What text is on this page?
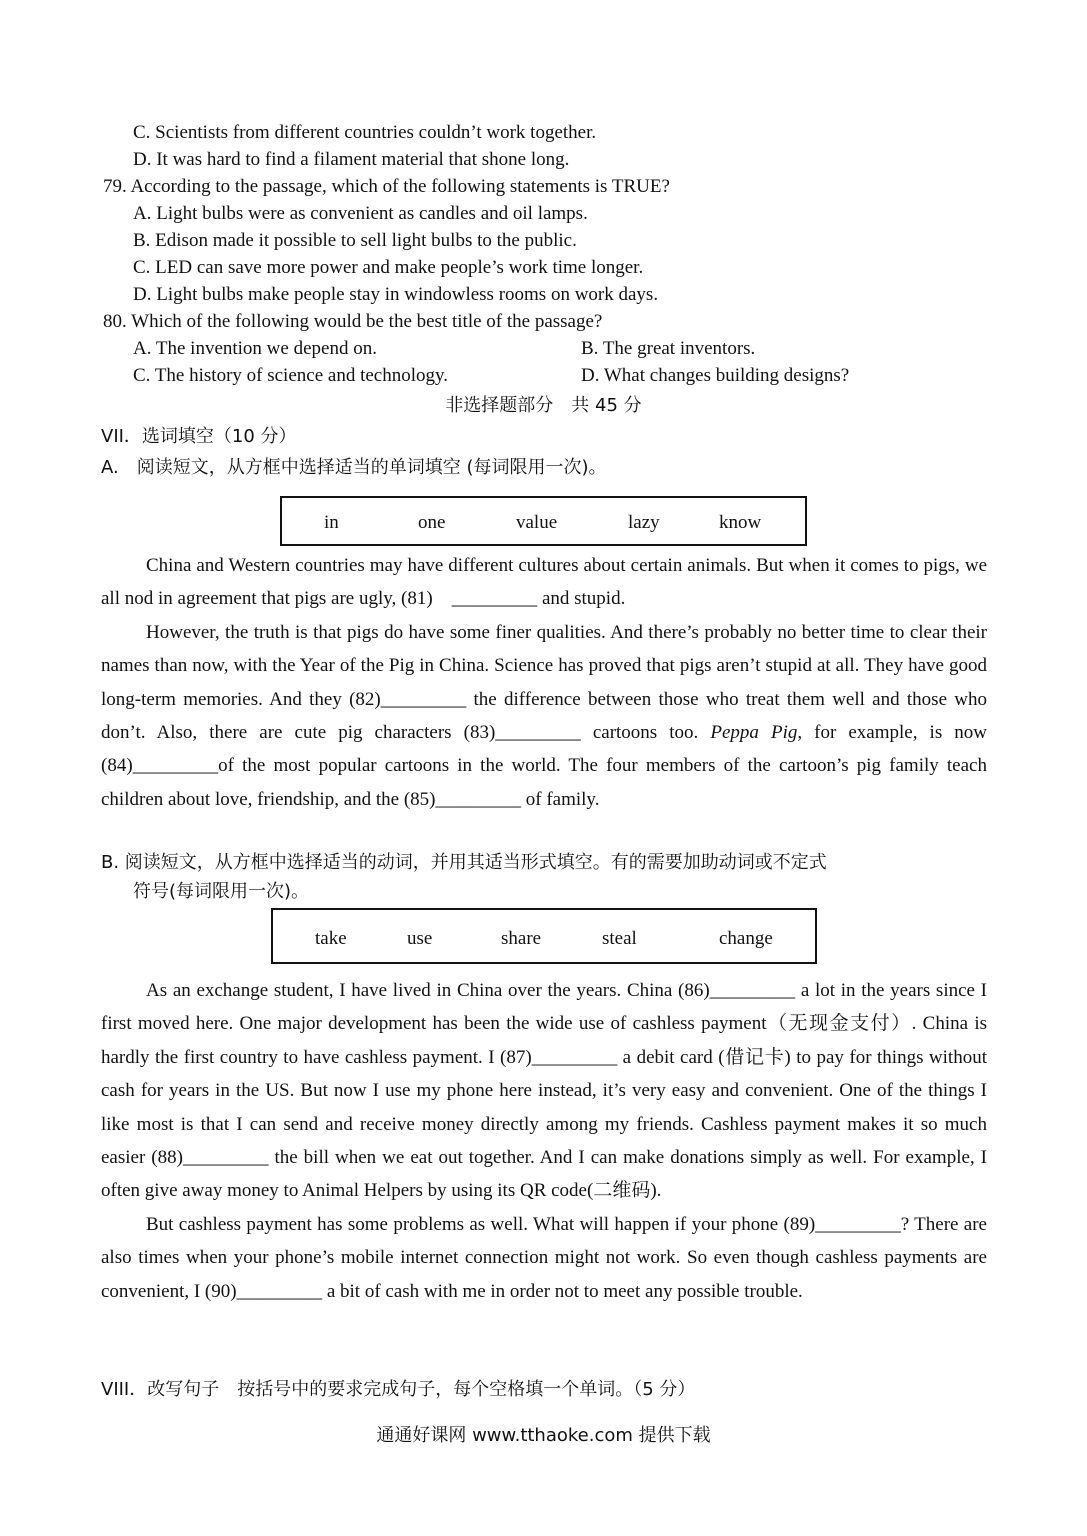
C. Scientists from different countries couldn’t work together.
D. It was hard to find a filament material that shone long.
79. According to the passage, which of the following statements is TRUE?
A. Light bulbs were as convenient as candles and oil lamps.
B. Edison made it possible to sell light bulbs to the public.
C. LED can save more power and make people’s work time longer.
D. Light bulbs make people stay in windowless rooms on work days.
80. Which of the following would be the best title of the passage?
A. The invention we depend on.	B. The great inventors.
C. The history of science and technology.	D. What changes building designs?
非选择题部分　共 45 分
VII．选词填空（10 分）
A.　阅读短文，从方框中选择适当的单词填空 (每词限用一次)。
in	one	value	lazy	know

China and Western countries may have different cultures about certain animals. But when it comes to pigs, we all nod in agreement that pigs are ugly, (81)　_________ and stupid.

However, the truth is that pigs do have some finer qualities. And there’s probably no better time to clear their names than now, with the Year of the Pig in China. Science has proved that pigs aren’t stupid at all. They have good long-term memories. And they (82)_________ the difference between those who treat them well and those who don’t. Also, there are cute pig characters (83)_________ cartoons too. Peppa Pig, for example, is now (84)_________of the most popular cartoons in the world. The four members of the cartoon’s pig family teach children about love, friendship, and the (85)_________ of family.

B. 阅读短文，从方框中选择适当的动词，并用其适当形式填空。有的需要加助动词或不定式
符号(每词限用一次)。
take	use	share	steal	change

As an exchange student, I have lived in China over the years. China (86)_________ a lot in the years since I first moved here. One major development has been the wide use of cashless payment（无现金支付）. China is hardly the first country to have cashless payment. I (87)_________ a debit card (借记卡) to pay for things without cash for years in the US. But now I use my phone here instead, it’s very easy and convenient. One of the things I like most is that I can send and receive money directly among my friends. Cashless payment makes it so much easier (88)_________ the bill when we eat out together. And I can make donations simply as well. For example, I often give away money to Animal Helpers by using its QR code(二维码).

But cashless payment has some problems as well. What will happen if your phone (89)_________? There are also times when your phone’s mobile internet connection might not work. So even though cashless payments are convenient, I (90)_________ a bit of cash with me in order not to meet any possible trouble.

VIII．改写句子　按括号中的要求完成句子，每个空格填一个单词。（5 分）
通通好课网 www.tthaoke.com 提供下载
